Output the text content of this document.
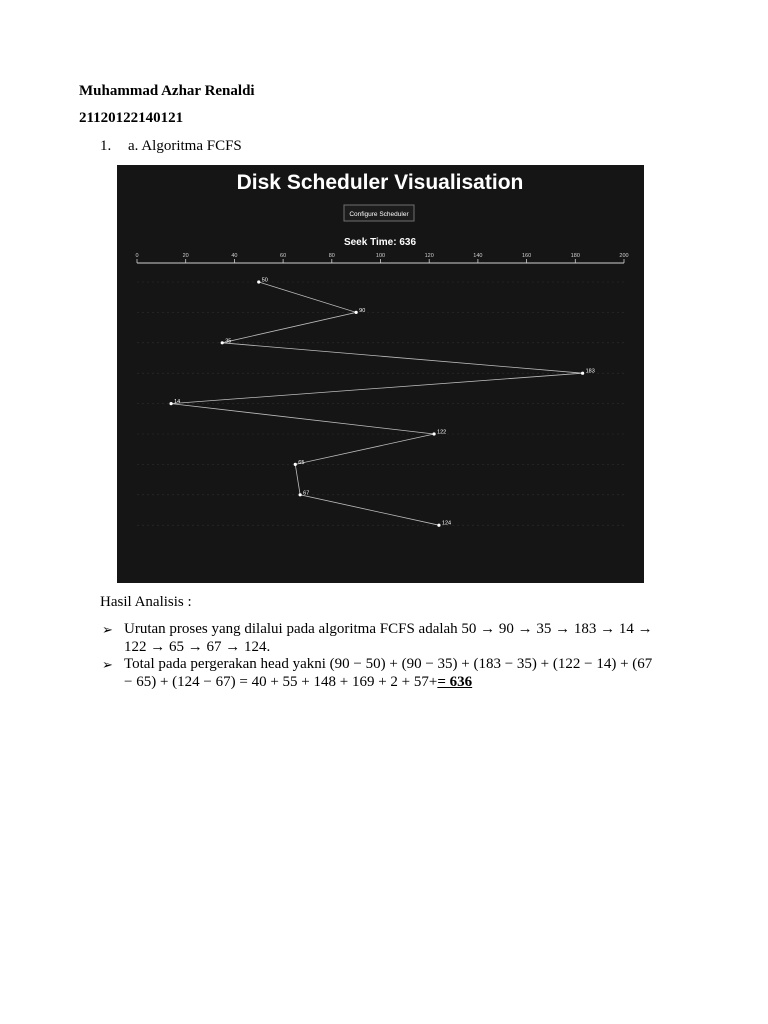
Muhammad Azhar Renaldi
21120122140121
1. a. Algoritma FCFS
Disk Scheduler Visualisation
Configure Scheduler
Seek Time: 636
0	20	40	60	80	100	120	140	160	180	200
50
90
35
183
14
122
65
67
124
Hasil Analisis :
➢ Urutan proses yang dilalui pada algoritma FCFS adalah 50 → 90 → 35 → 183 → 14 → 122 → 65 → 67 → 124.
➢ Total pada pergerakan head yakni (90 − 50) + (90 − 35) + (183 − 35) + (122 − 14) + (67 − 65) + (124 − 67) = 40 + 55 + 148 + 169 + 2 + 57+= 636
